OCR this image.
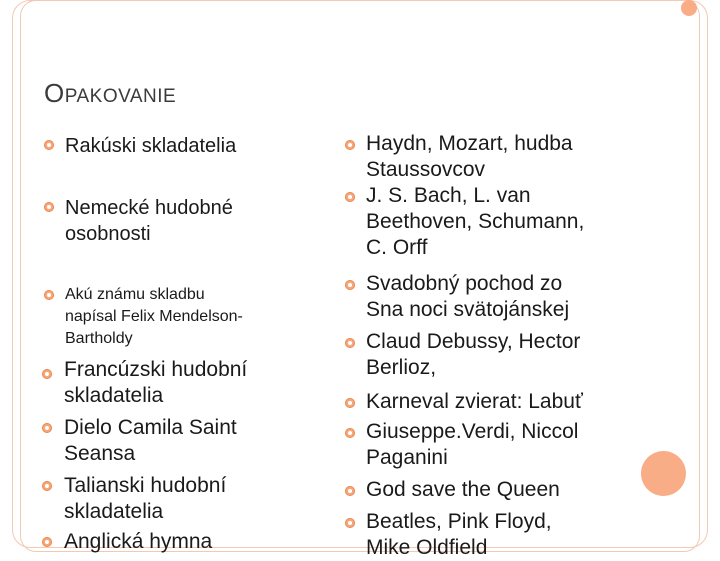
OPAKOVANIE
Rakúski skladatelia
Nemecké hudobné
osobnosti
Akú známu skladbu
napísal Felix Mendelson-
Bartholdy
Francúzski hudobní
skladatelia
Dielo Camila Saint
Seansa
Talianski hudobní
skladatelia
Anglická hymna
Haydn, Mozart, hudba
Staussovcov
J. S. Bach, L. van
Beethoven, Schumann,
C. Orff
Svadobný pochod zo
Sna noci svätojánskej
Claud Debussy, Hector
Berlioz,
Karneval zvierat: Labuť
Giuseppe.Verdi, Niccol
Paganini
God save the Queen
Beatles, Pink Floyd,
Mike Oldfield
